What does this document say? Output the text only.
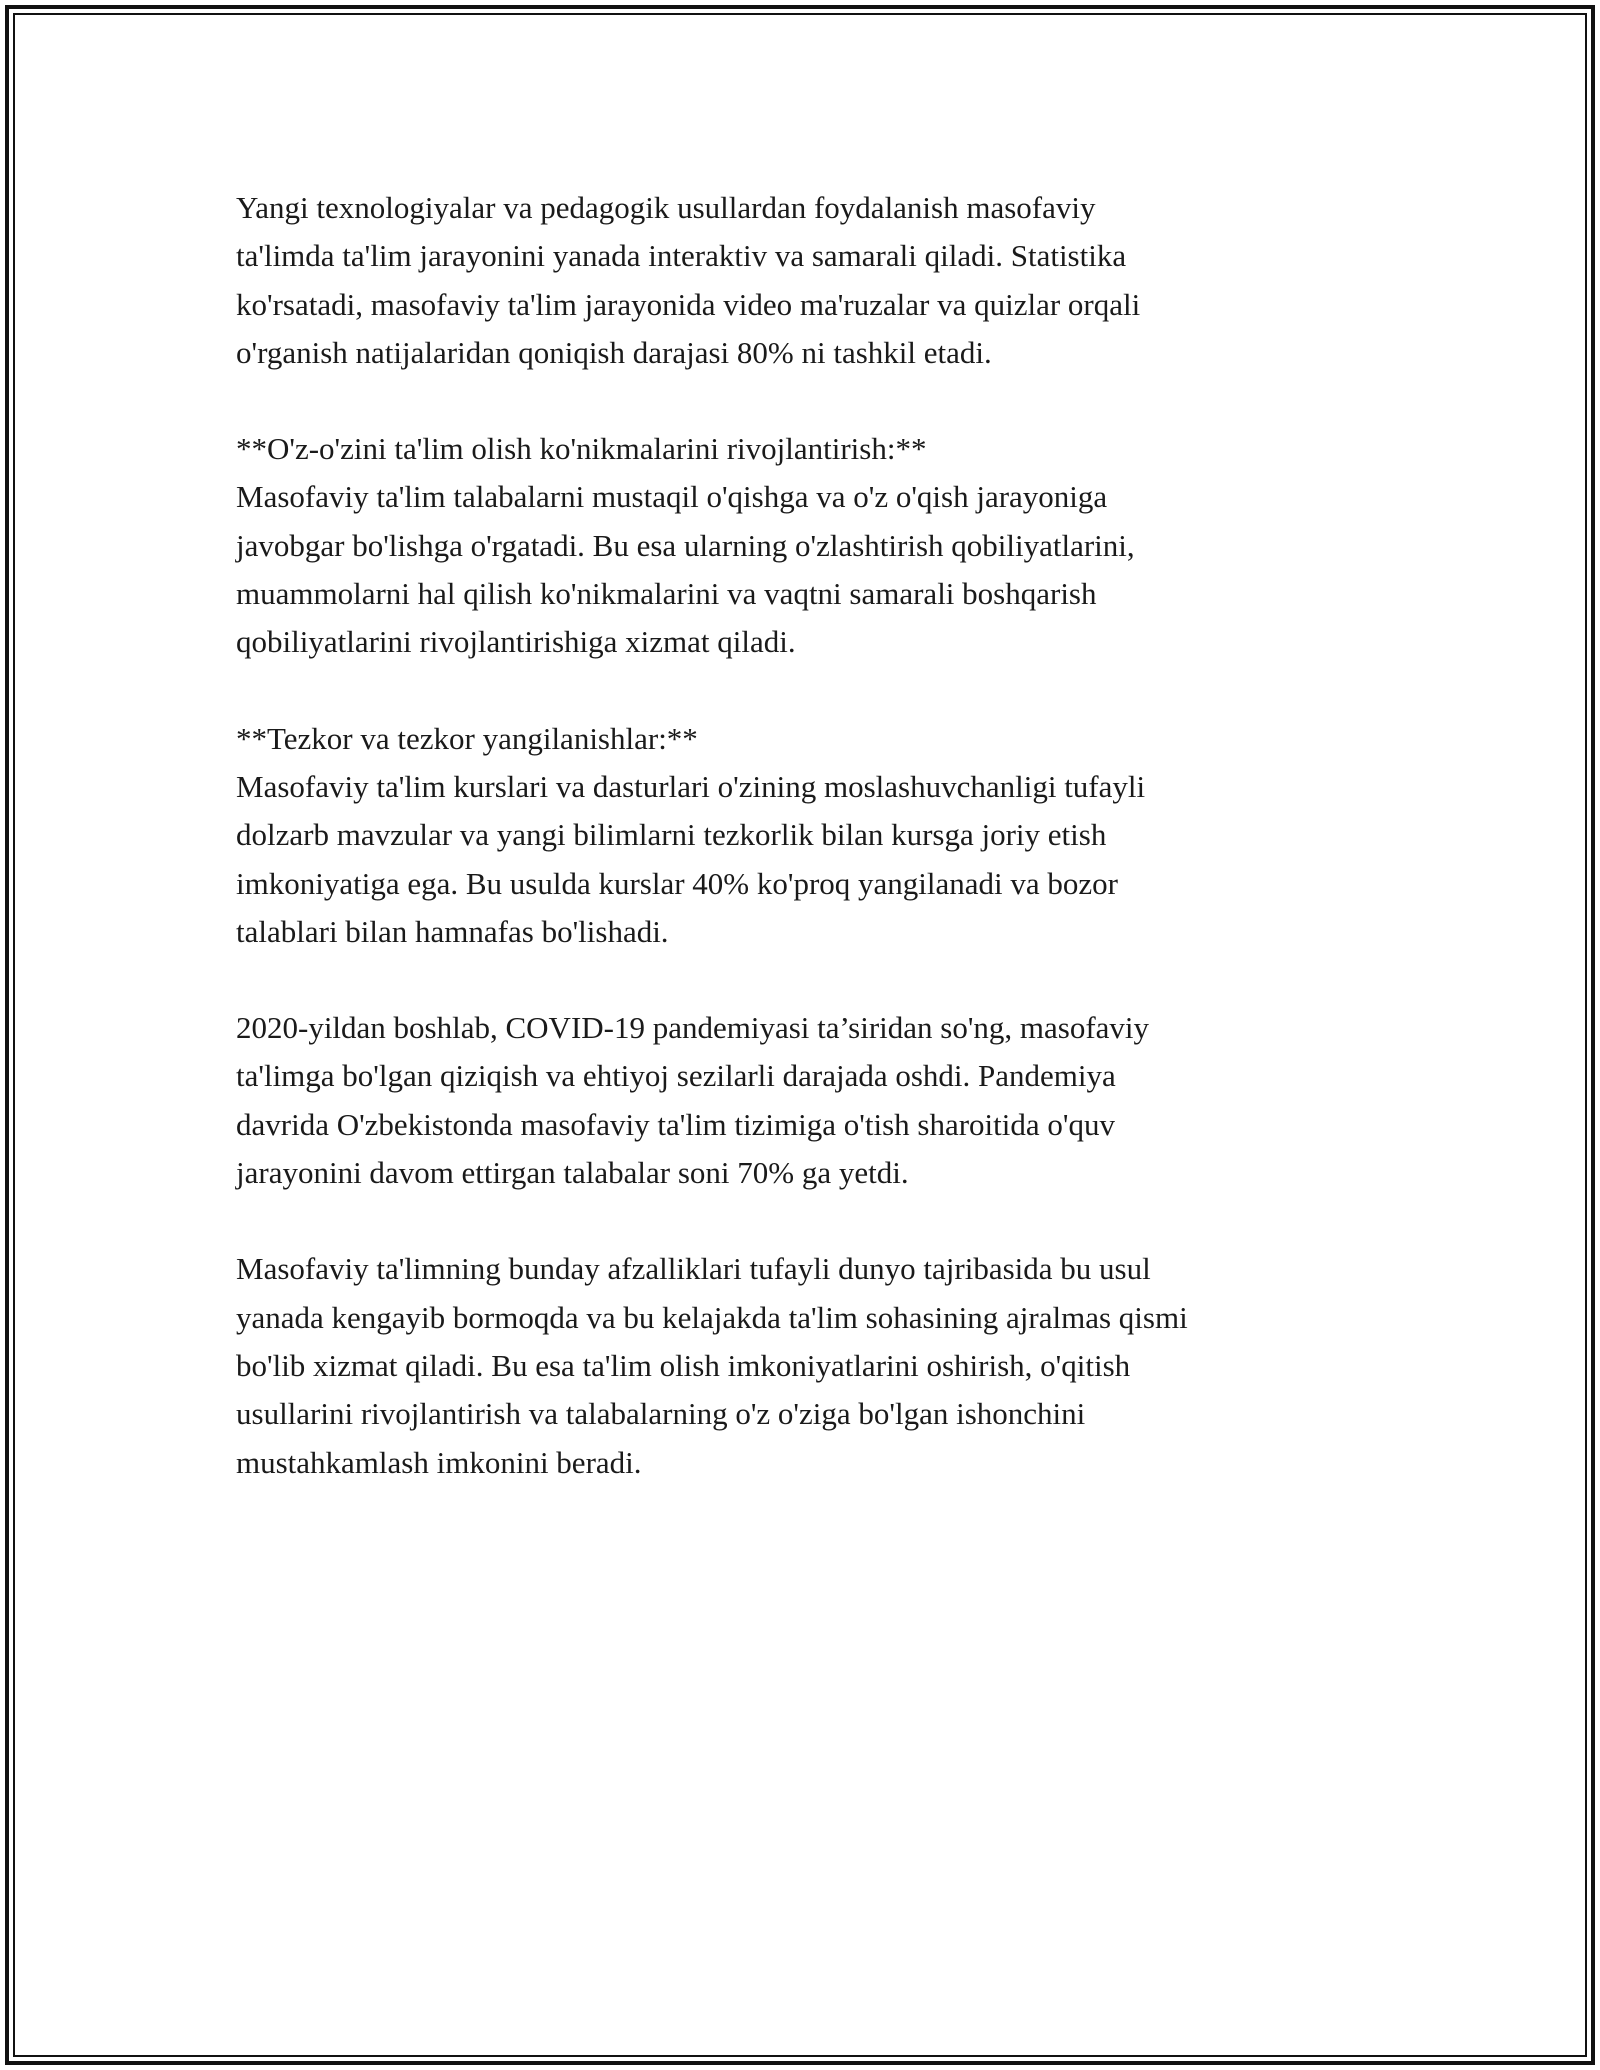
Yangi texnologiyalar va pedagogik usullardan foydalanish masofaviy
ta'limda ta'lim jarayonini yanada interaktiv va samarali qiladi. Statistika
ko'rsatadi, masofaviy ta'lim jarayonida video ma'ruzalar va quizlar orqali
o'rganish natijalaridan qoniqish darajasi 80% ni tashkil etadi.

**O'z-o'zini ta'lim olish ko'nikmalarini rivojlantirish:**
Masofaviy ta'lim talabalarni mustaqil o'qishga va o'z o'qish jarayoniga
javobgar bo'lishga o'rgatadi. Bu esa ularning o'zlashtirish qobiliyatlarini,
muammolarni hal qilish ko'nikmalarini va vaqtni samarali boshqarish
qobiliyatlarini rivojlantirishiga xizmat qiladi.

**Tezkor va tezkor yangilanishlar:**
Masofaviy ta'lim kurslari va dasturlari o'zining moslashuvchanligi tufayli
dolzarb mavzular va yangi bilimlarni tezkorlik bilan kursga joriy etish
imkoniyatiga ega. Bu usulda kurslar 40% ko'proq yangilanadi va bozor
talablari bilan hamnafas bo'lishadi.

2020-yildan boshlab, COVID-19 pandemiyasi ta’siridan so'ng, masofaviy
ta'limga bo'lgan qiziqish va ehtiyoj sezilarli darajada oshdi. Pandemiya
davrida O'zbekistonda masofaviy ta'lim tizimiga o'tish sharoitida o'quv
jarayonini davom ettirgan talabalar soni 70% ga yetdi.

Masofaviy ta'limning bunday afzalliklari tufayli dunyo tajribasida bu usul
yanada kengayib bormoqda va bu kelajakda ta'lim sohasining ajralmas qismi
bo'lib xizmat qiladi. Bu esa ta'lim olish imkoniyatlarini oshirish, o'qitish
usullarini rivojlantirish va talabalarning o'z o'ziga bo'lgan ishonchini
mustahkamlash imkonini beradi.
